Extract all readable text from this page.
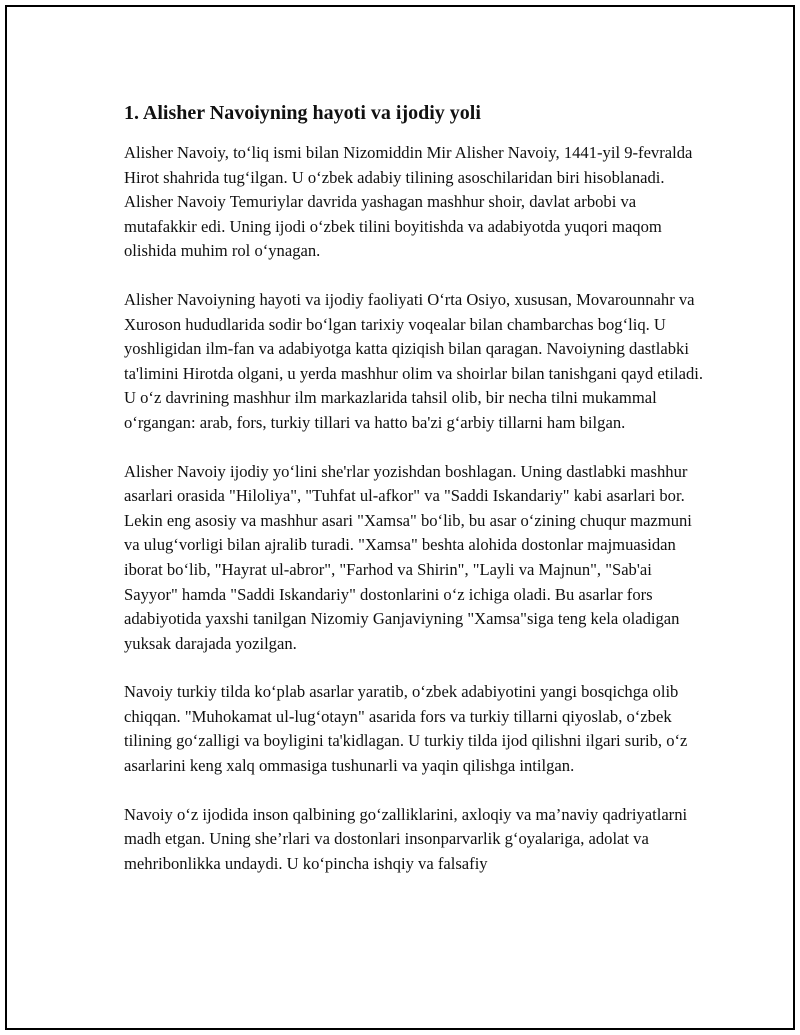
1. Alisher Navoiyning hayoti va ijodiy yoli

Alisher Navoiy, to‘liq ismi bilan Nizomiddin Mir Alisher Navoiy, 1441-yil 9-fevralda Hirot shahrida tug‘ilgan. U o‘zbek adabiy tilining asoschilaridan biri hisoblanadi. Alisher Navoiy Temuriylar davrida yashagan mashhur shoir, davlat arbobi va mutafakkir edi. Uning ijodi o‘zbek tilini boyitishda va adabiyotda yuqori maqom olishida muhim rol o‘ynagan.

Alisher Navoiyning hayoti va ijodiy faoliyati O‘rta Osiyo, xususan, Movarounnahr va Xuroson hududlarida sodir bo‘lgan tarixiy voqealar bilan chambarchas bog‘liq. U yoshligidan ilm-fan va adabiyotga katta qiziqish bilan qaragan. Navoiyning dastlabki ta'limini Hirotda olgani, u yerda mashhur olim va shoirlar bilan tanishgani qayd etiladi. U o‘z davrining mashhur ilm markazlarida tahsil olib, bir necha tilni mukammal o‘rgangan: arab, fors, turkiy tillari va hatto ba'zi g‘arbiy tillarni ham bilgan.

Alisher Navoiy ijodiy yo‘lini she'rlar yozishdan boshlagan. Uning dastlabki mashhur asarlari orasida "Hiloliya", "Tuhfat ul-afkor" va "Saddi Iskandariy" kabi asarlari bor. Lekin eng asosiy va mashhur asari "Xamsa" bo‘lib, bu asar o‘zining chuqur mazmuni va ulug‘vorligi bilan ajralib turadi. "Xamsa" beshta alohida dostonlar majmuasidan iborat bo‘lib, "Hayrat ul-abror", "Farhod va Shirin", "Layli va Majnun", "Sab'ai Sayyor" hamda "Saddi Iskandariy" dostonlarini o‘z ichiga oladi. Bu asarlar fors adabiyotida yaxshi tanilgan Nizomiy Ganjaviyning "Xamsa"siga teng kela oladigan yuksak darajada yozilgan.

Navoiy turkiy tilda ko‘plab asarlar yaratib, o‘zbek adabiyotini yangi bosqichga olib chiqqan. "Muhokamat ul-lug‘otayn" asarida fors va turkiy tillarni qiyoslab, o‘zbek tilining go‘zalligi va boyligini ta'kidlagan. U turkiy tilda ijod qilishni ilgari surib, o‘z asarlarini keng xalq ommasiga tushunarli va yaqin qilishga intilgan.

Navoiy o‘z ijodida inson qalbining go‘zalliklarini, axloqiy va ma’naviy qadriyatlarni madh etgan. Uning she’rlari va dostonlari insonparvarlik g‘oyalariga, adolat va mehribonlikka undaydi. U ko‘pincha ishqiy va falsafiy
